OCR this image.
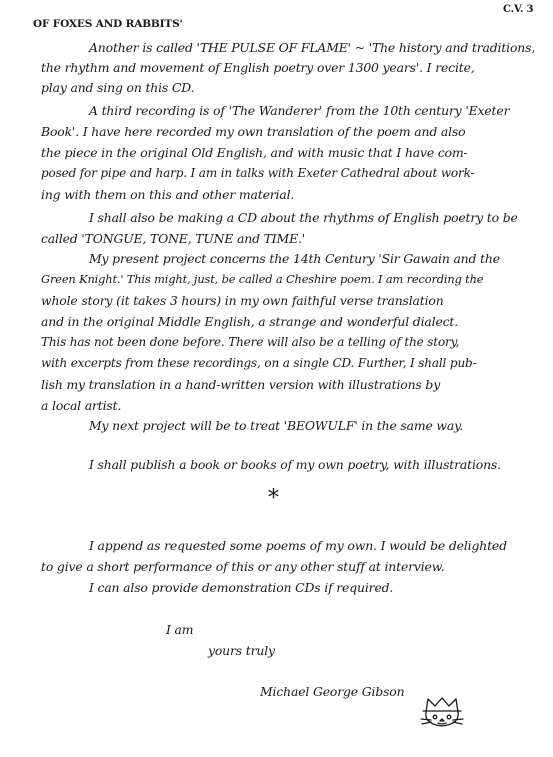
C.V. 3
OF FOXES AND RABBITS'
Another is called 'THE PULSE OF FLAME' ~ 'The history and traditions,
the rhythm and movement of English poetry over 1300 years'. I recite,
play and sing on this CD.
A third recording is of 'The Wanderer' from the 10th century 'Exeter
Book'. I have here recorded my own translation of the poem and also
the piece in the original Old English, and with music that I have com-
posed for pipe and harp. I am in talks with Exeter Cathedral about work-
ing with them on this and other material.
I shall also be making a CD about the rhythms of English poetry to be
called 'TONGUE, TONE, TUNE and TIME.'
My present project concerns the 14th Century 'Sir Gawain and the
Green Knight.' This might, just, be called a Cheshire poem. I am recording the
whole story (it takes 3 hours) in my own faithful verse translation
and in the original Middle English, a strange and wonderful dialect.
This has not been done before. There will also be a telling of the story,
with excerpts from these recordings, on a single CD. Further, I shall pub-
lish my translation in a hand-written version with illustrations by
a local artist.
My next project will be to treat 'BEOWULF' in the same way.
I shall publish a book or books of my own poetry, with illustrations.
*
I append as requested some poems of my own. I would be delighted
to give a short performance of this or any other stuff at interview.
I can also provide demonstration CDs if required.
I am
yours truly
Michael George Gibson
